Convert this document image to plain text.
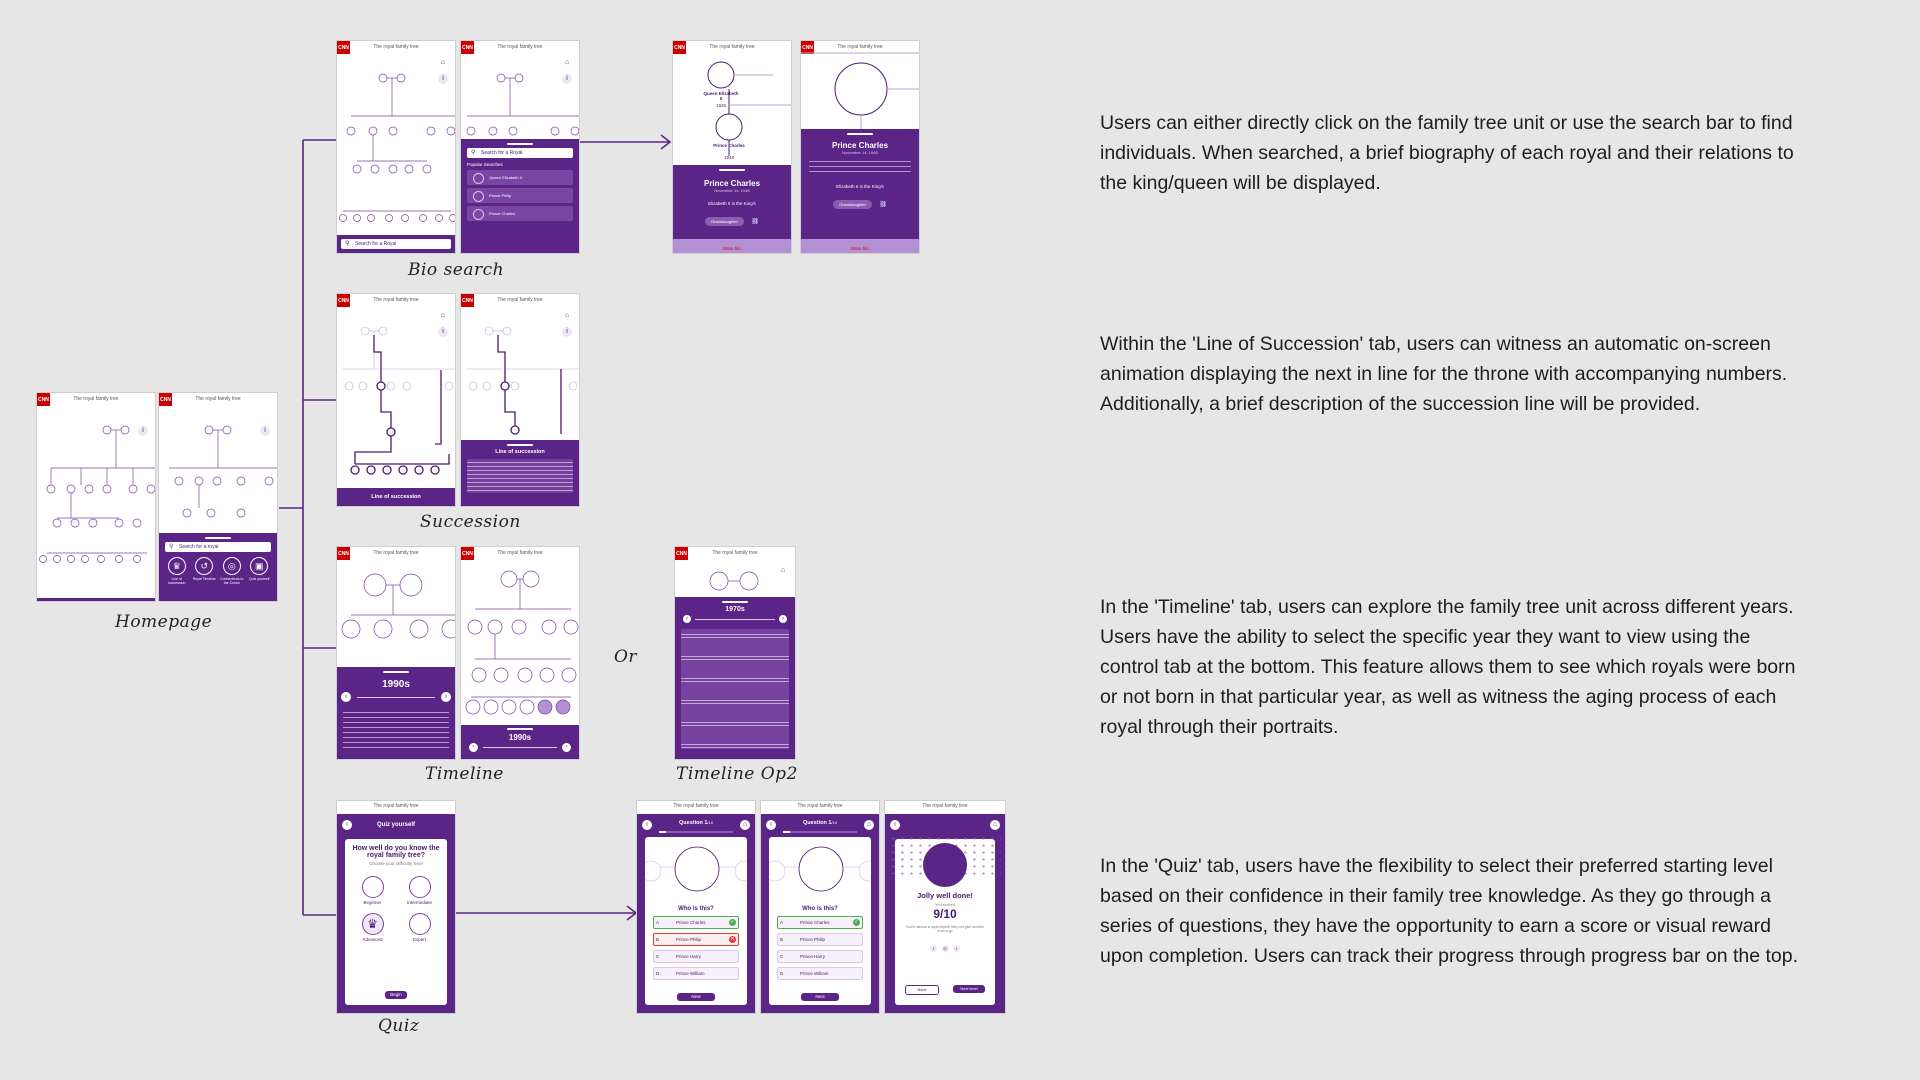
CNN	The royal family tree
i
CNN	The royal family tree
i
⚲ Search for a royal
♛
Line of succession
↺
Royal Timeline
◎
Connections to the Crown
▣
Quiz yourself
Homepage
CNN	The royal family tree
⌂
i
⚲ Search for a Royal
CNN	The royal family tree
⌂
i
⚲ Search for a Royal
Popular Searches
Queen Elizabeth II
Prince Philip
Prince Charles
CNN	The royal family tree
Queen Elizabeth II
1926
Prince Charles
1948
Prince Charles
November 14, 1948
Elizabeth II is the King's
Granddaughter ⛓
More bio
CNN	The royal family tree
Prince Charles
November 14, 1948
Elizabeth II is the King's
Granddaughter ⛓
More bio
Bio search
CNN	The royal family tree
⌂
i
Line of succession
CNN	The royal family tree
⌂
i
Line of succession
Succession
CNN	The royal family tree
1990s
‹	›
CNN	The royal family tree
1990s
‹	›
Timeline
Or
CNN	The royal family tree
⌂
1970s
‹	›
Timeline Op2
The royal family tree
‹	Quiz yourself
How well do you know the royal family tree?
Choose your difficulty level
Beginner	Intermediate
♛
Advanced	Expert
Begin
Quiz
The royal family tree
‹	⌂
Question 1/10
Who is this?
A	Prince Charles	✓
B	Prince Philip	✕
C	Prince Harry
D	Prince William
Next
The royal family tree
‹	⌂
Question 1/10
Who is this?
A	Prince Charles	✓
B	Prince Philip
C	Prince Harry
D	Prince William
Next
The royal family tree
‹	⌂
Jolly well done!
You scored
9/10
You're almost a royal expert! Why not give another level a go
f ◎ t
Back	Next level
Users can either directly click on the family tree unit or use the search bar to find individuals. When searched, a brief biography of each royal and their relations to the king/queen will be displayed.
Within the 'Line of Succession' tab, users can witness an automatic on-screen animation displaying the next in line for the throne with accompanying numbers. Additionally, a brief description of the succession line will be provided.
In the 'Timeline' tab, users can explore the family tree unit across different years. Users have the ability to select the specific year they want to view using the control tab at the bottom. This feature allows them to see which royals were born or not born in that particular year, as well as witness the aging process of each royal through their portraits.
In the 'Quiz' tab, users have the flexibility to select their preferred starting level based on their confidence in their family tree knowledge. As they go through a series of questions, they have the opportunity to earn a score or visual reward upon completion. Users can track their progress through progress bar on the top.
